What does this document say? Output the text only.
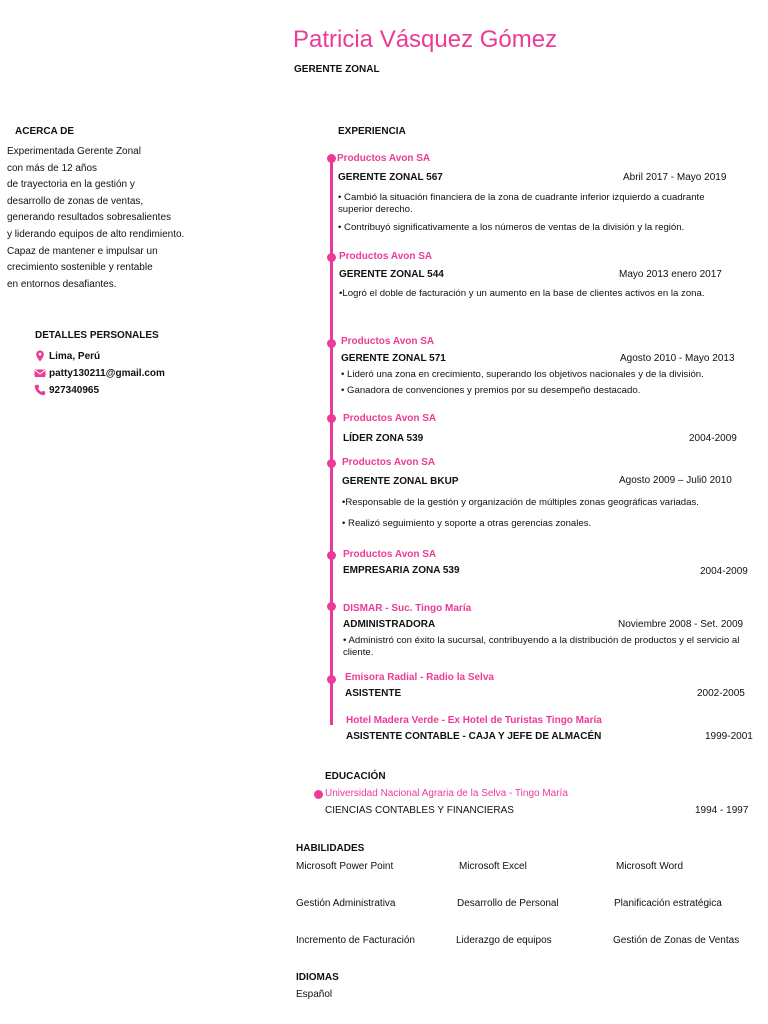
Patricia Vásquez Gómez
GERENTE ZONAL
ACERCA DE
Experimentada Gerente Zonal
con más de 12 años
de trayectoria en la gestión y
desarrollo de zonas de ventas,
generando resultados sobresalientes
y liderando equipos de alto rendimiento.
Capaz de mantener e impulsar un
crecimiento sostenible y rentable
en entornos desafiantes.
DETALLES PERSONALES
Lima, Perú
patty130211@gmail.com
927340965
EXPERIENCIA
Productos Avon SA
GERENTE ZONAL 567	Abril 2017 - Mayo 2019
• Cambió la situación financiera de la zona de cuadrante inferior izquierdo a cuadrante superior derecho.
• Contribuyó significativamente a los números de ventas de la división y la región.
Productos Avon SA
GERENTE ZONAL 544	Mayo 2013 enero 2017
•Logró el doble de facturación y un aumento en la base de clientes activos en la zona.
Productos Avon SA
GERENTE ZONAL 571	Agosto 2010 - Mayo 2013
• Lideró una zona en crecimiento, superando los objetivos nacionales y de la división.
• Ganadora de convenciones y premios por su desempeño destacado.
Productos Avon SA
LÍDER ZONA 539	2004-2009
Productos Avon SA
GERENTE ZONAL BKUP	Agosto 2009 – Juli0 2010
•Responsable de la gestión y organización de múltiples zonas geográficas variadas.
• Realizó seguimiento y soporte a otras gerencias zonales.
Productos Avon SA
EMPRESARIA ZONA 539	2004-2009
DISMAR - Suc. Tingo María
ADMINISTRADORA	Noviembre 2008 - Set. 2009
• Administró con éxito la sucursal, contribuyendo a la distribución de productos y el servicio al cliente.
Emisora Radial - Radio la Selva
ASISTENTE	2002-2005
Hotel Madera Verde - Ex Hotel de Turistas Tingo María
ASISTENTE CONTABLE - CAJA Y JEFE DE ALMACÉN	1999-2001
EDUCACIÓN
Universidad Nacional Agraria de la Selva - Tingo María
CIENCIAS CONTABLES Y FINANCIERAS	1994 - 1997
HABILIDADES
Microsoft Power Point	Microsoft Excel	Microsoft Word
Gestión Administrativa	Desarrollo de Personal	Planificación estratégica
Incremento de Facturación	Liderazgo de equipos	Gestión de Zonas de Ventas
IDIOMAS
Español
